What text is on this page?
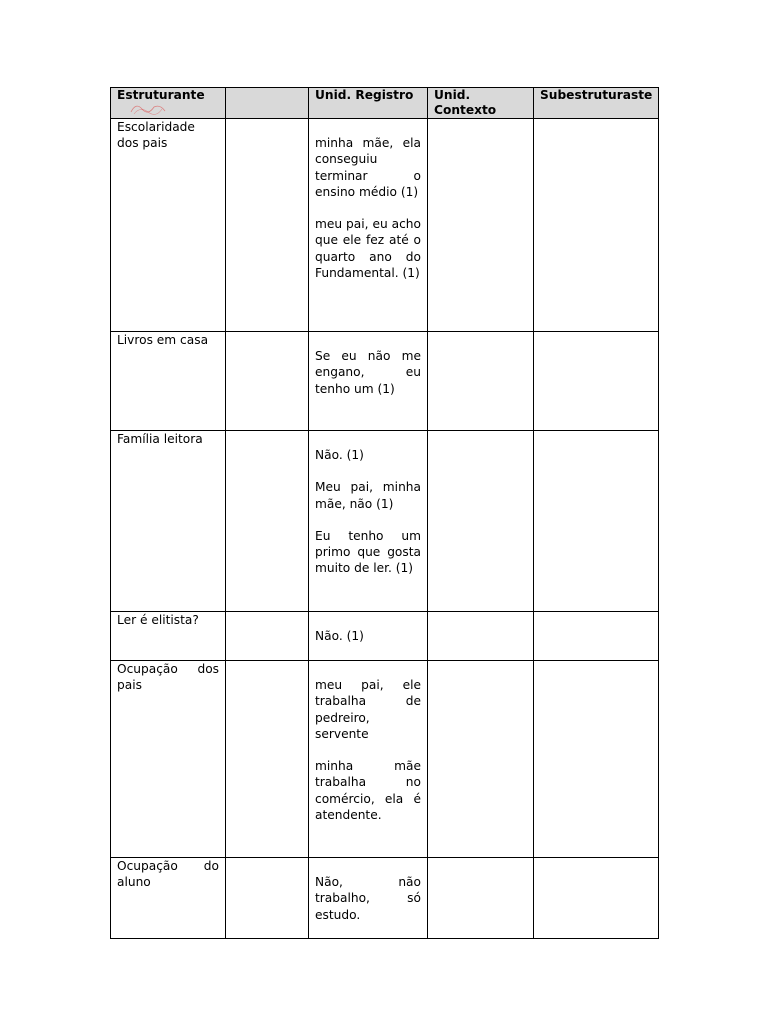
Estruturante		Unid. Registro	Unid. Contexto	Subestruturaste
Escolaridade dos pais		minha mãe, ela conseguiu terminar o ensino médio (1)
meu pai, eu acho que ele fez até o quarto ano do Fundamental. (1)		

Livros em casa		Se eu não me engano, eu tenho um (1)		

Família leitora		Não. (1)
Meu pai, minha mãe, não (1)
Eu tenho um primo que gosta muito de ler. (1)		

Ler é elitista?		Não. (1)		

Ocupação dos pais		meu pai, ele trabalha de pedreiro, servente
minha mãe trabalha no comércio, ela é atendente.		

Ocupação do aluno		Não, não trabalho, só estudo.		
